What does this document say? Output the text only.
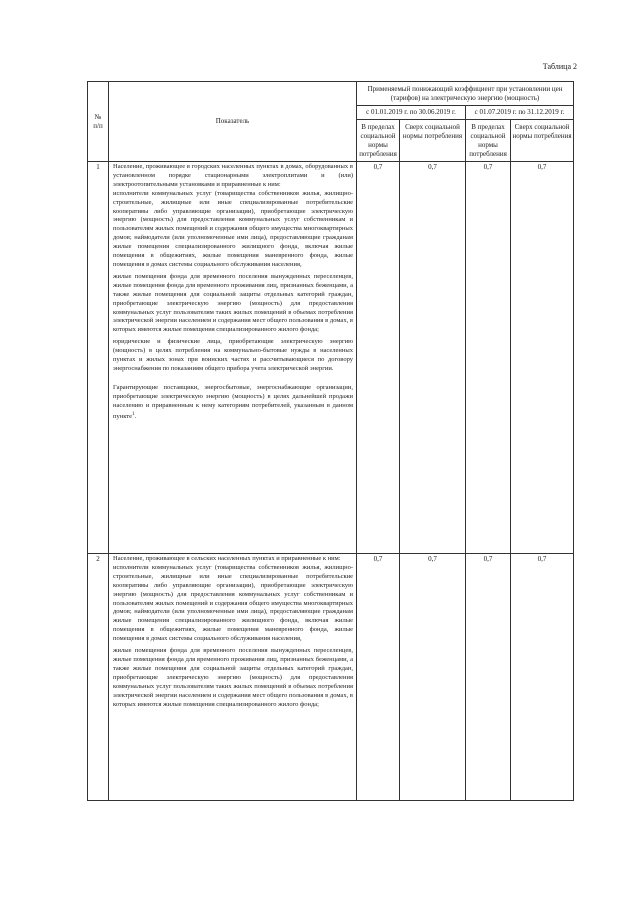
Таблица 2
№
п/п	Показатель	Применяемый понижающий коэффициент при установлении цен (тарифов) на электрическую энергию (мощность)			
		с 01.01.2019 г. по 30.06.2019 г.		с 01.07.2019 г. по 31.12.2019 г.	
		В пределах социальной нормы потребления	Сверх социальной нормы потребления	В пределах социальной нормы потребления	Сверх социальной нормы потребления
1	Население, проживающее в городских населенных пунктах в домах, оборудованных в установленном порядке стационарными электроплитами и (или) электроотопительными установками и приравненные к ним:

исполнители коммунальных услуг (товарищества собственников жилья, жилищно-строительные, жилищные или иные специализированные потребительские кооперативы либо управляющие организации), приобретающие электрическую энергию (мощность) для предоставления коммунальных услуг собственникам и пользователям жилых помещений и содержания общего имущества многоквартирных домов; наймодатели (или уполномоченные ими лица), предоставляющие гражданам жилые помещения специализированного жилищного фонда, включая жилые помещения в общежитиях, жилые помещения маневренного фонда, жилые помещения в домах системы социального обслуживания населения,

жилые помещения фонда для временного поселения вынужденных переселенцев, жилые помещения фонда для временного проживания лиц, признанных беженцами, а также жилые помещения для социальной защиты отдельных категорий граждан, приобретающие электрическую энергию (мощность) для предоставления коммунальных услуг пользователям таких жилых помещений в объемах потребления электрической энергии населением и содержания мест общего пользования в домах, в которых имеются жилые помещения специализированного жилого фонда;

юридические и физические лица, приобретающие электрическую энергию (мощность) в целях потребления на коммунально-бытовые нужды в населенных пунктах и жилых зонах при воинских частях и рассчитывающиеся по договору энергоснабжения по показаниям общего прибора учета электрической энергии.

Гарантирующие поставщики, энергосбытовые, энергоснабжающие организации, приобретающие электрическую энергию (мощность) в целях дальнейшей продажи населению и приравненным к нему категориям потребителей, указанным в данном пункте$^1$.	0,7	0,7	0,7	0,7
2	Население, проживающее в сельских населенных пунктах и приравненные к ним:

исполнители коммунальных услуг (товарищества собственников жилья, жилищно-строительные, жилищные или иные специализированные потребительские кооперативы либо управляющие организации), приобретающие электрическую энергию (мощность) для предоставления коммунальных услуг собственникам и пользователям жилых помещений и содержания общего имущества многоквартирных домов; наймодатели (или уполномоченные ими лица), предоставляющие гражданам жилые помещения специализированного жилищного фонда, включая жилые помещения в общежитиях, жилые помещения маневренного фонда, жилые помещения в домах системы социального обслуживания населения,

жилые помещения фонда для временного поселения вынужденных переселенцев, жилые помещения фонда для временного проживания лиц, признанных беженцами, а также жилые помещения для социальной защиты отдельных категорий граждан, приобретающие электрическую энергию (мощность) для предоставления коммунальных услуг пользователям таких жилых помещений в объемах потребления электрической энергии населением и содержания мест общего пользования в домах, в которых имеются жилые помещения специализированного жилого фонда;	0,7	0,7	0,7	0,7
